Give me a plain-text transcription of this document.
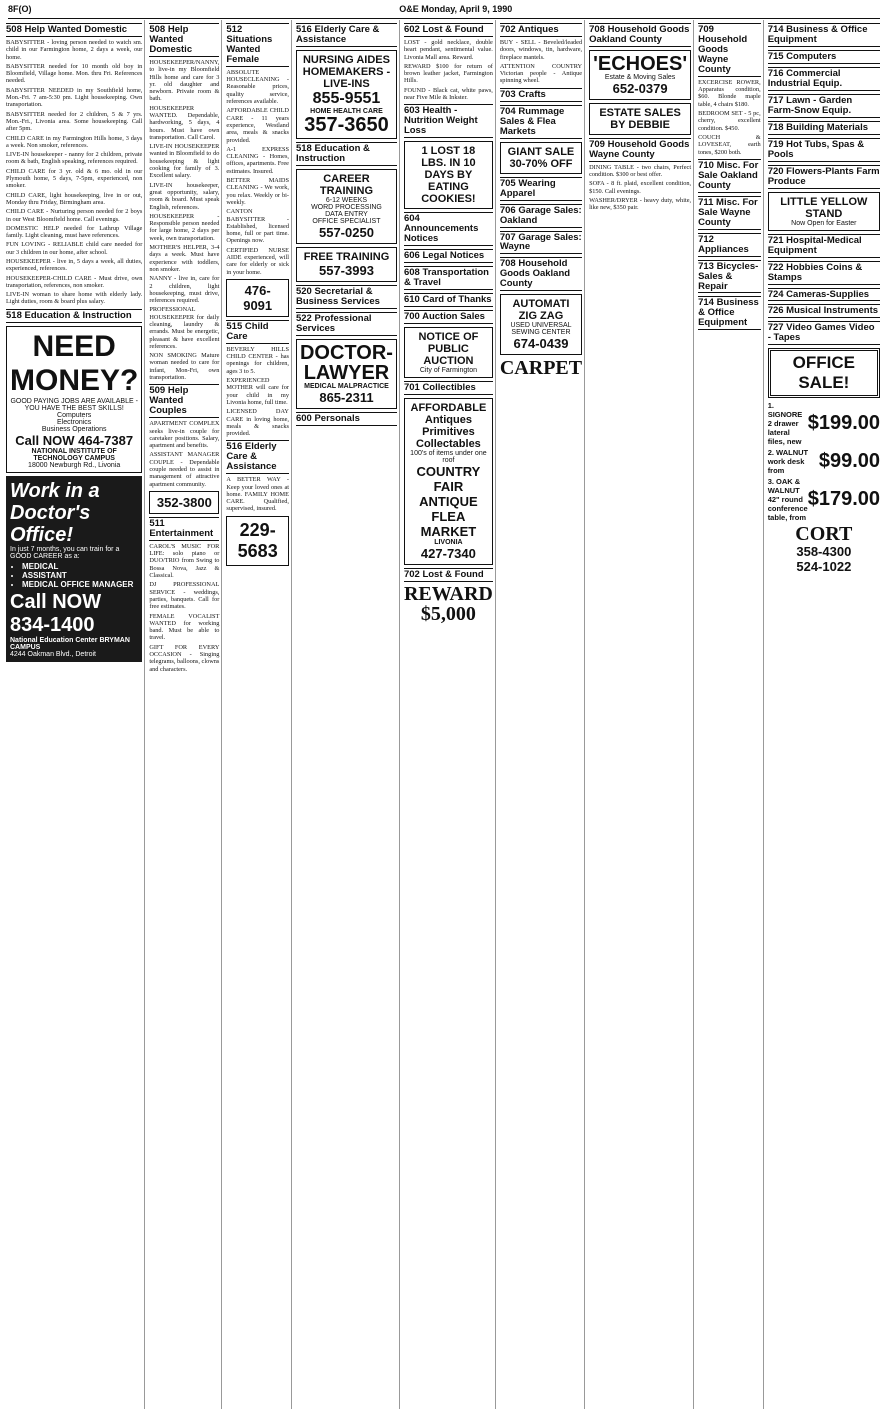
8F(O)	O&E Monday, April 9, 1990
508 Help Wanted Domestic

BABYSITTER - loving person needed to watch sm. child in our Farmington home, 2 days a week, our home.

BABYSITTER needed for 10 month old boy in Bloomfield, Village home. Mon. thru Fri. References needed.

BABYSITTER NEEDED in my Southfield home, Mon.-Fri. 7 am-5:30 pm. Light housekeeping. Own transportation.

BABYSITTER needed for 2 children, 5 & 7 yrs. Mon.-Fri., Livonia area. Some housekeeping. Call after 5pm.

CHILD CARE in my Farmington Hills home, 3 days a week. Non smoker, references.

LIVE-IN housekeeper - nanny for 2 children, private room & bath, English speaking, references required.

CHILD CARE for 3 yr. old & 6 mo. old in our Plymouth home, 5 days, 7-5pm, experienced, non smoker.

CHILD CARE, light housekeeping, live in or out, Monday thru Friday, Birmingham area.

CHILD CARE - Nurturing person needed for 2 boys in our West Bloomfield home. Call evenings.

DOMESTIC HELP needed for Lathrup Village family. Light cleaning, must have references.

FUN LOVING - RELIABLE child care needed for our 3 children in our home, after school.

HOUSEKEEPER - live in, 5 days a week, all duties, experienced, references.

HOUSEKEEPER-CHILD CARE - Must drive, own transportation, references, non smoker.

LIVE-IN woman to share home with elderly lady. Light duties, room & board plus salary.

518 Education & Instruction
NEED MONEY?
GOOD PAYING JOBS ARE AVAILABLE - YOU HAVE THE BEST SKILLS!
Computers
Electronics
Business Operations
Call NOW 464-7387
NATIONAL INSTITUTE OF TECHNOLOGY CAMPUS
18000 Newburgh Rd., Livonia
Work in a Doctor's Office!
In just 7 months, you can train for a GOOD CAREER as a:
• MEDICAL
• ASSISTANT
• MEDICAL OFFICE MANAGER
Call NOW 834-1400
National Education Center BRYMAN CAMPUS
4244 Oakman Blvd., Detroit
508 Help Wanted Domestic

HOUSEKEEPER/NANNY, to live-in my Bloomfield Hills home and care for 3 yr. old daughter and newborn. Private room & bath.

HOUSEKEEPER WANTED. Dependable, hardworking, 5 days, 4 hours. Must have own transportation. Call Carol.

LIVE-IN HOUSEKEEPER wanted in Bloomfield to do housekeeping & light cooking for family of 3. Excellent salary.

LIVE-IN housekeeper, great opportunity, salary, room & board. Must speak English, references.

HOUSEKEEPER - Responsible person needed for large home, 2 days per week, own transportation.

MOTHER'S HELPER, 3-4 days a week. Must have experience with toddlers, non smoker.

NANNY - live in, care for 2 children, light housekeeping, must drive, references required.

PROFESSIONAL HOUSEKEEPER for daily cleaning, laundry & errands. Must be energetic, pleasant & have excellent references.

NON SMOKING Mature woman needed to care for infant, Mon-Fri, own transportation.

509 Help Wanted Couples

APARTMENT COMPLEX seeks live-in couple for caretaker positions. Salary, apartment and benefits.

ASSISTANT MANAGER COUPLE - Dependable couple needed to assist in management of attractive apartment community.

352-3800
511 Entertainment

CAROL'S MUSIC FOR LIFE: solo piano or DUO/TRIO from Swing to Bossa Nova, Jazz & Classical.

DJ PROFESSIONAL SERVICE - weddings, parties, banquets. Call for free estimates.

FEMALE VOCALIST WANTED for working band. Must be able to travel.

GIFT FOR EVERY OCCASION - Singing telegrams, balloons, clowns and characters.

512 Situations Wanted Female

ABSOLUTE HOUSECLEANING - Reasonable prices, quality service, references available.

AFFORDABLE CHILD CARE - 11 years experience, Westland area, meals & snacks provided.

A-1 EXPRESS CLEANING - Homes, offices, apartments. Free estimates. Insured.

BETTER MAIDS CLEANING - We work, you relax. Weekly or bi-weekly.

CANTON BABYSITTER - Established, licensed home, full or part time. Openings now.

CERTIFIED NURSE AIDE experienced, will care for elderly or sick in your home.

476-9091
515 Child Care

BEVERLY HILLS CHILD CENTER - has openings for children, ages 3 to 5.

EXPERIENCED MOTHER will care for your child in my Livonia home, full time.

LICENSED DAY CARE in loving home, meals & snacks provided.

516 Elderly Care & Assistance

A BETTER WAY - Keep your loved ones at home. FAMILY HOME CARE. Qualified, supervised, insured.

229-5683
516 Elderly Care & Assistance
NURSING AIDES HOMEMAKERS - LIVE-INS
855-9551
HOME HEALTH CARE
357-3650
518 Education & Instruction
CAREER TRAINING
6-12 WEEKS
WORD PROCESSING
DATA ENTRY
OFFICE SPECIALIST
557-0250
FREE TRAINING
557-3993
520 Secretarial & Business Services
522 Professional Services
DOCTOR-LAWYER
MEDICAL MALPRACTICE
865-2311
600 Personals
602 Lost & Found

LOST - gold necklace, double heart pendant, sentimental value. Livonia Mall area. Reward.

REWARD $100 for return of brown leather jacket, Farmington Hills.

FOUND - Black cat, white paws, near Five Mile & Inkster.

603 Health - Nutrition Weight Loss
1 LOST 18 LBS. IN 10 DAYS BY EATING COOKIES!
604 Announcements Notices
606 Legal Notices
608 Transportation & Travel
610 Card of Thanks
700 Auction Sales
NOTICE OF PUBLIC AUCTION
City of Farmington
701 Collectibles
AFFORDABLE Antiques Primitives Collectables
100's of items under one roof
COUNTRY FAIR ANTIQUE FLEA MARKET
LIVONIA
427-7340
702 Lost & Found
REWARD $5,000
702 Antiques

BUY - SELL - Beveled/leaded doors, windows, tin, hardware, fireplace mantels.

ATTENTION COUNTRY Victorian people - Antique spinning wheel.

703 Crafts
704 Rummage Sales & Flea Markets
GIANT SALE 30-70% OFF
705 Wearing Apparel
706 Garage Sales: Oakland
707 Garage Sales: Wayne
708 Household Goods Oakland County
AUTOMATI ZIG ZAG
USED UNIVERSAL SEWING CENTER
674-0439
CARPET
708 Household Goods Oakland County
'ECHOES'
Estate & Moving Sales
652-0379
ESTATE SALES BY DEBBIE
709 Household Goods Wayne County

DINING TABLE - two chairs, Perfect condition. $300 or best offer.

SOFA - 8 ft. plaid, excellent condition, $150. Call evenings.

WASHER/DRYER - heavy duty, white, like new, $350 pair.

709 Household Goods Wayne County

EXCERCISE ROWER, Apparatus condition, $60. Blonde maple table, 4 chairs $180.

BEDROOM SET - 5 pc, cherry, excellent condition. $450.

COUCH & LOVESEAT, earth tones, $200 both.

710 Misc. For Sale Oakland County
711 Misc. For Sale Wayne County
712 Appliances
713 Bicycles-Sales & Repair
714 Business & Office Equipment
714 Business & Office Equipment
715 Computers
716 Commercial Industrial Equip.
717 Lawn - Garden Farm-Snow Equip.
718 Building Materials
719 Hot Tubs, Spas & Pools
720 Flowers-Plants Farm Produce
LITTLE YELLOW STAND
Now Open for Easter
721 Hospital-Medical Equipment
722 Hobbies Coins & Stamps
724 Cameras-Supplies
726 Musical Instruments
727 Video Games Video - Tapes
OFFICE SALE!
1. SIGNORE 2 drawer lateral files, new
$199.00
2. WALNUT work desk from	$99.00
3. OAK & WALNUT 42" round conference table, from
$179.00
CORT
358-4300
524-1022
